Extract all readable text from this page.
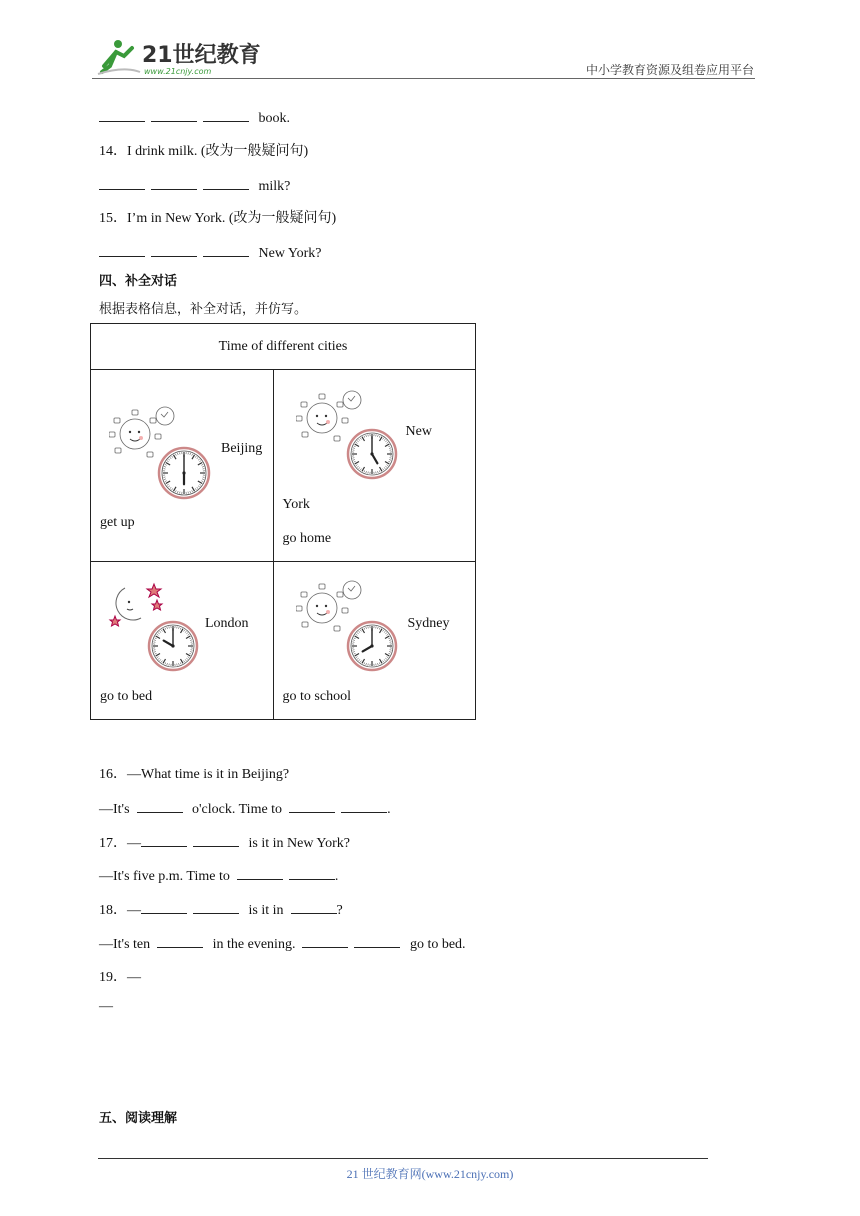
21世纪教育
www.21cnjy.com	中小学教育资源及组卷应用平台
book.
14．I drink milk. (改为一般疑问句)
milk?
15．I’m in New York. (改为一般疑问句)
New York?
四、补全对话
根据表格信息，补全对话，并仿写。
Time of different cities	

Beijing
get up	New
York
go home

London
go to bed	Sydney
go to school
16．—What time is it in Beijing?
—It's	o'clock. Time to	.
17．—	is it in New York?
—It's five p.m. Time to	.
18．—	is it in	?
—It's ten	in the evening.	go to bed.
19．—
—
五、阅读理解
21 世纪教育网(www.21cnjy.com)
